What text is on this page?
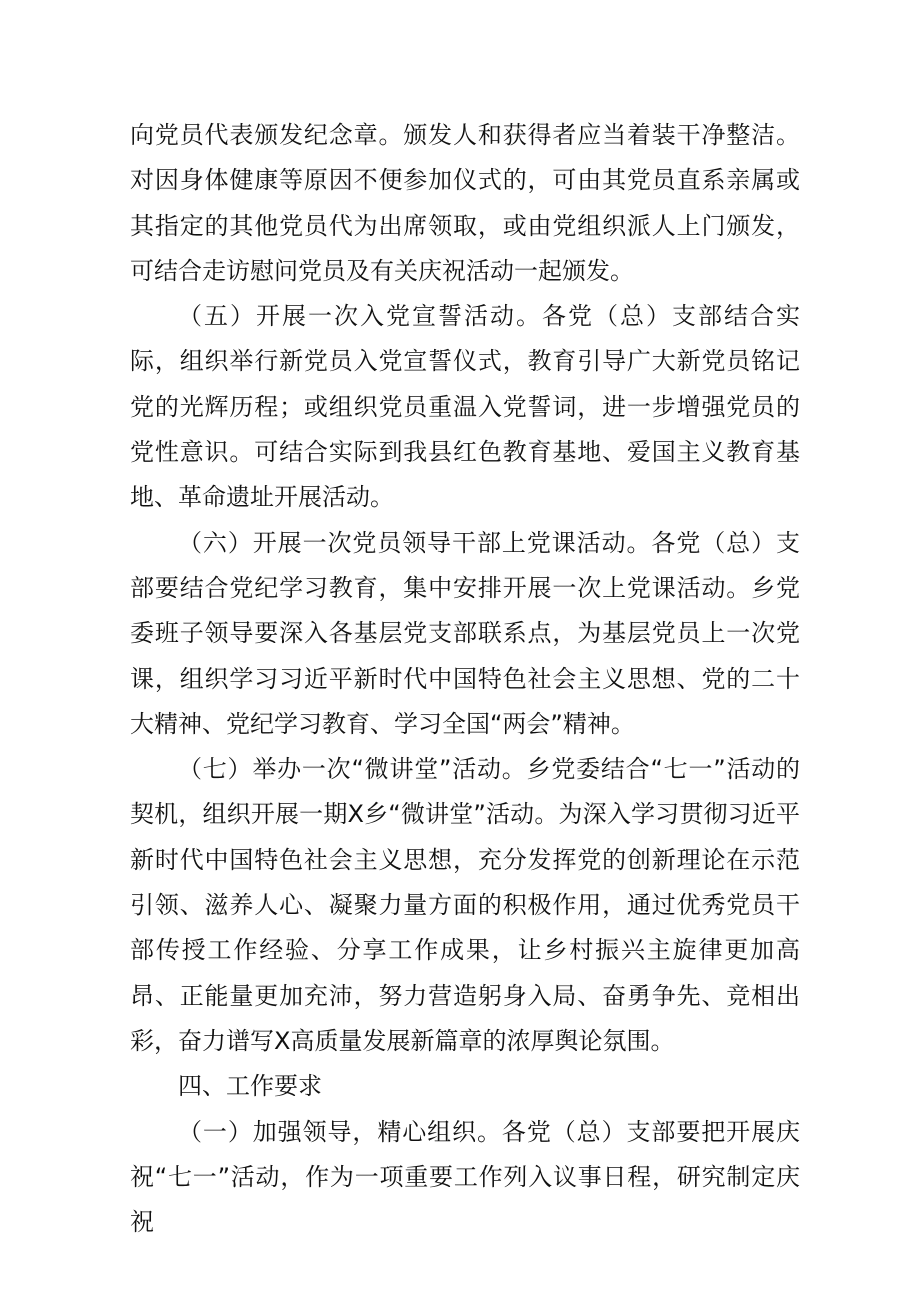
向党员代表颁发纪念章。颁发人和获得者应当着装干净整洁。对因身体健康等原因不便参加仪式的，可由其党员直系亲属或其指定的其他党员代为出席领取，或由党组织派人上门颁发，可结合走访慰问党员及有关庆祝活动一起颁发。

（五）开展一次入党宣誓活动。各党（总）支部结合实际，组织举行新党员入党宣誓仪式，教育引导广大新党员铭记党的光辉历程；或组织党员重温入党誓词，进一步增强党员的党性意识。可结合实际到我县红色教育基地、爱国主义教育基地、革命遗址开展活动。

（六）开展一次党员领导干部上党课活动。各党（总）支部要结合党纪学习教育，集中安排开展一次上党课活动。乡党委班子领导要深入各基层党支部联系点，为基层党员上一次党课，组织学习习近平新时代中国特色社会主义思想、党的二十大精神、党纪学习教育、学习全国“两会”精神。

（七）举办一次“微讲堂”活动。乡党委结合“七一”活动的契机，组织开展一期X乡“微讲堂”活动。为深入学习贯彻习近平新时代中国特色社会主义思想，充分发挥党的创新理论在示范引领、滋养人心、凝聚力量方面的积极作用，通过优秀党员干部传授工作经验、分享工作成果，让乡村振兴主旋律更加高昂、正能量更加充沛，努力营造躬身入局、奋勇争先、竞相出彩，奋力谱写X高质量发展新篇章的浓厚舆论氛围。

四、工作要求

（一）加强领导，精心组织。各党（总）支部要把开展庆祝“七一”活动，作为一项重要工作列入议事日程，研究制定庆祝
